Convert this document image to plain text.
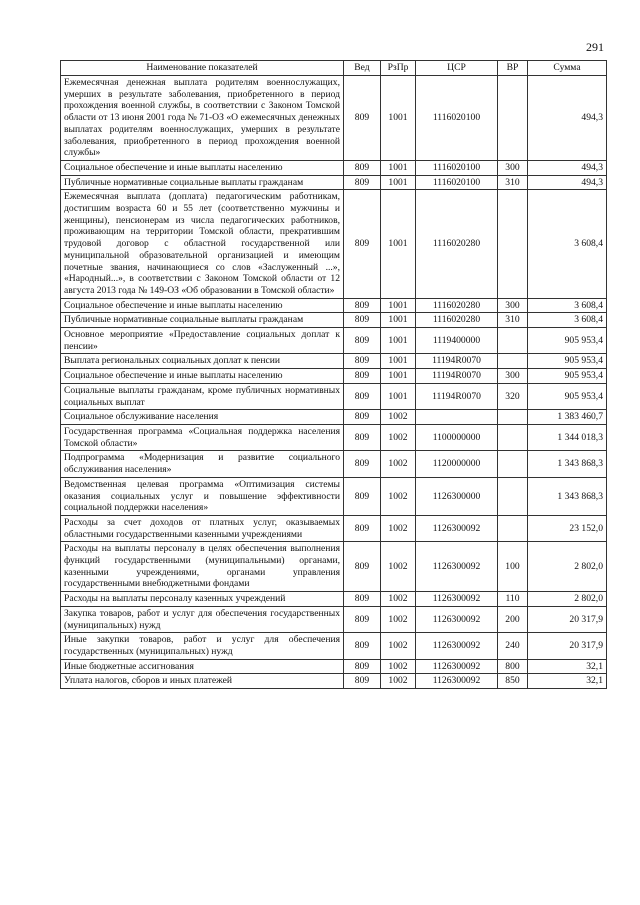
291
Наименование показателей	Вед	РзПр	ЦСР	ВР	Сумма
Ежемесячная денежная выплата родителям военнослужащих, умерших в результате заболевания, приобретенного в период прохождения военной службы, в соответствии с Законом Томской области от 13 июня 2001 года № 71-ОЗ «О ежемесячных денежных выплатах родителям военнослужащих, умерших в результате заболевания, приобретенного в период прохождения военной службы»	809	1001	1116020100		494,3
Социальное обеспечение и иные выплаты населению	809	1001	1116020100	300	494,3
Публичные нормативные социальные выплаты гражданам	809	1001	1116020100	310	494,3
Ежемесячная выплата (доплата) педагогическим работникам, достигшим возраста 60 и 55 лет (соответственно мужчины и женщины), пенсионерам из числа педагогических работников, проживающим на территории Томской области, прекратившим трудовой договор с областной государственной или муниципальной образовательной организацией и имеющим почетные звания, начинающиеся со слов «Заслуженный ...», «Народный...», в соответствии с Законом Томской области от 12 августа 2013 года № 149-ОЗ «Об образовании в Томской области»	809	1001	1116020280		3 608,4
Социальное обеспечение и иные выплаты населению	809	1001	1116020280	300	3 608,4
Публичные нормативные социальные выплаты гражданам	809	1001	1116020280	310	3 608,4
Основное мероприятие «Предоставление социальных доплат к пенсии»	809	1001	1119400000		905 953,4
Выплата региональных социальных доплат к пенсии	809	1001	11194R0070		905 953,4
Социальное обеспечение и иные выплаты населению	809	1001	11194R0070	300	905 953,4
Социальные выплаты гражданам, кроме публичных нормативных социальных выплат	809	1001	11194R0070	320	905 953,4
Социальное обслуживание населения	809	1002			1 383 460,7
Государственная программа «Социальная поддержка населения Томской области»	809	1002	1100000000		1 344 018,3
Подпрограмма «Модернизация и развитие социального обслуживания населения»	809	1002	1120000000		1 343 868,3
Ведомственная целевая программа «Оптимизация системы оказания социальных услуг и повышение эффективности социальной поддержки населения»	809	1002	1126300000		1 343 868,3
Расходы за счет доходов от платных услуг, оказываемых областными государственными казенными учреждениями	809	1002	1126300092		23 152,0
Расходы на выплаты персоналу в целях обеспечения выполнения функций государственными (муниципальными) органами, казенными учреждениями, органами управления государственными внебюджетными фондами	809	1002	1126300092	100	2 802,0
Расходы на выплаты персоналу казенных учреждений	809	1002	1126300092	110	2 802,0
Закупка товаров, работ и услуг для обеспечения государственных (муниципальных) нужд	809	1002	1126300092	200	20 317,9
Иные закупки товаров, работ и услуг для обеспечения государственных (муниципальных) нужд	809	1002	1126300092	240	20 317,9
Иные бюджетные ассигнования	809	1002	1126300092	800	32,1
Уплата налогов, сборов и иных платежей	809	1002	1126300092	850	32,1
